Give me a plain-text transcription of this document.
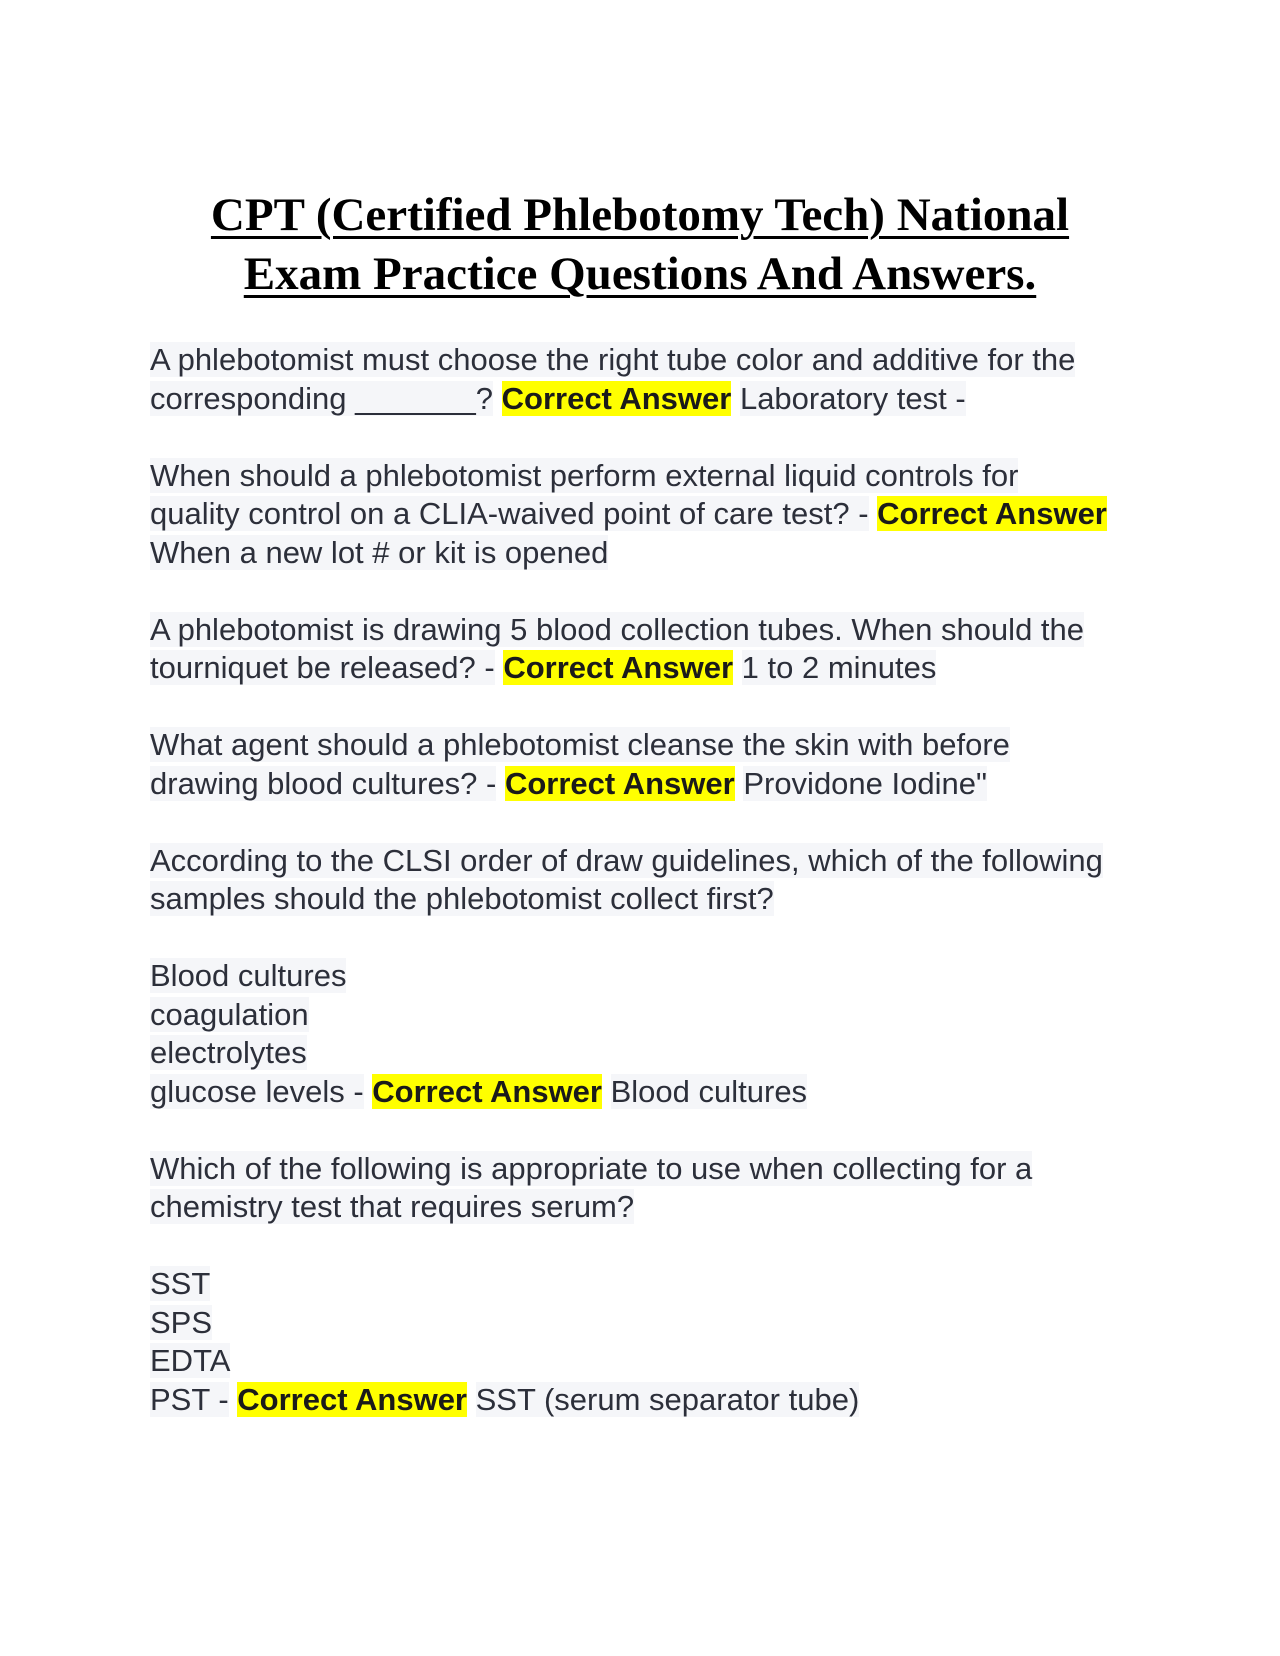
CPT (Certified Phlebotomy Tech) National
Exam Practice Questions And Answers.
A phlebotomist must choose the right tube color and additive for the corresponding _______? Correct Answer Laboratory test -
When should a phlebotomist perform external liquid controls for quality control on a CLIA-waived point of care test? - Correct Answer When a new lot # or kit is opened
A phlebotomist is drawing 5 blood collection tubes. When should the tourniquet be released? - Correct Answer 1 to 2 minutes
What agent should a phlebotomist cleanse the skin with before drawing blood cultures? - Correct Answer Providone Iodine"
According to the CLSI order of draw guidelines, which of the following samples should the phlebotomist collect first?
Blood cultures
coagulation
electrolytes
glucose levels - Correct Answer Blood cultures
Which of the following is appropriate to use when collecting for a chemistry test that requires serum?
SST
SPS
EDTA
PST - Correct Answer SST (serum separator tube)
